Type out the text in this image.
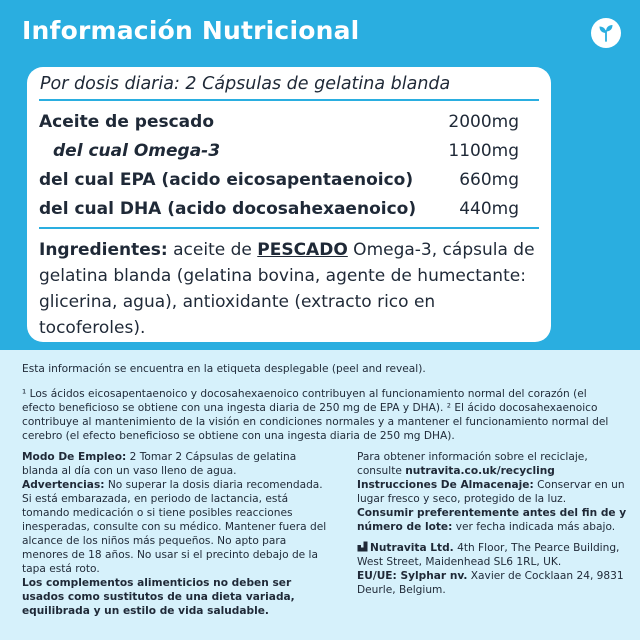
Información Nutricional
Por dosis diaria: 2 Cápsulas de gelatina blanda
Aceite de pescado	2000mg
del cual Omega-3	1100mg
del cual EPA (acido eicosapentaenoico)	660mg
del cual DHA (acido docosahexaenoico)	440mg
Ingredientes: aceite de PESCADO Omega-3, cápsula de gelatina blanda (gelatina bovina, agente de humectante: glicerina, agua), antioxidante (extracto rico en tocoferoles).
Esta información se encuentra en la etiqueta desplegable (peel and reveal).
¹ Los ácidos eicosapentaenoico y docosahexaenoico contribuyen al funcionamiento normal del corazón (el efecto beneficioso se obtiene con una ingesta diaria de 250 mg de EPA y DHA). ² El ácido docosahexaenoico contribuye al mantenimiento de la visión en condiciones normales y a mantener el funcionamiento normal del cerebro (el efecto beneficioso se obtiene con una ingesta diaria de 250 mg DHA).
Modo De Empleo: 2 Tomar 2 Cápsulas de gelatina blanda al día con un vaso lleno de agua.
Advertencias: No superar la dosis diaria recomendada. Si está embarazada, en periodo de lactancia, está tomando medicación o si tiene posibles reacciones inesperadas, consulte con su médico. Mantener fuera del alcance de los niños más pequeños. No apto para menores de 18 años. No usar si el precinto debajo de la tapa está roto.
Los complementos alimenticios no deben ser usados como sustitutos de una dieta variada, equilibrada y un estilo de vida saludable.
Para obtener información sobre el reciclaje, consulte nutravita.co.uk/recycling
Instrucciones De Almacenaje: Conservar en un lugar fresco y seco, protegido de la luz.
Consumir preferentemente antes del fin de y número de lote: ver fecha indicada más abajo.
Nutravita Ltd. 4th Floor, The Pearce Building, West Street, Maidenhead SL6 1RL, UK.
EU/UE: Sylphar nv. Xavier de Cocklaan 24, 9831 Deurle, Belgium.
